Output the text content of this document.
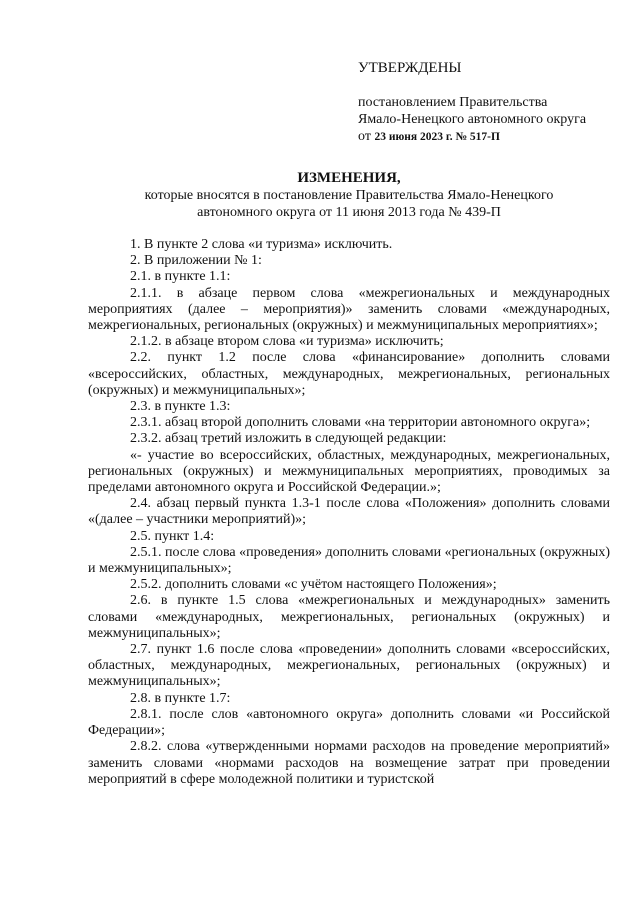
УТВЕРЖДЕНЫ
постановлением Правительства
Ямало-Ненецкого автономного округа
от 23 июня 2023 г. № 517-П
ИЗМЕНЕНИЯ,
которые вносятся в постановление Правительства Ямало-Ненецкого
автономного округа от 11 июня 2013 года № 439-П

1. В пункте 2 слова «и туризма» исключить.

2. В приложении № 1:

2.1. в пункте 1.1:

2.1.1. в абзаце первом слова «межрегиональных и международных мероприятиях (далее – мероприятия)» заменить словами «международных, межрегиональных, региональных (окружных) и межмуниципальных мероприятиях»;

2.1.2. в абзаце втором слова «и туризма» исключить;

2.2. пункт 1.2 после слова «финансирование» дополнить словами «всероссийских, областных, международных, межрегиональных, региональных (окружных) и межмуниципальных»;

2.3. в пункте 1.3:

2.3.1. абзац второй дополнить словами «на территории автономного округа»;

2.3.2. абзац третий изложить в следующей редакции:

«- участие во всероссийских, областных, международных, межрегиональных, региональных (окружных) и межмуниципальных мероприятиях, проводимых за пределами автономного округа и Российской Федерации.»;

2.4. абзац первый пункта 1.3-1 после слова «Положения» дополнить словами «(далее – участники мероприятий)»;

2.5. пункт 1.4:

2.5.1. после слова «проведения» дополнить словами «региональных (окружных) и межмуниципальных»;

2.5.2. дополнить словами «с учётом настоящего Положения»;

2.6. в пункте 1.5 слова «межрегиональных и международных» заменить словами «международных, межрегиональных, региональных (окружных) и межмуниципальных»;

2.7. пункт 1.6 после слова «проведении» дополнить словами «всероссийских, областных, международных, межрегиональных, региональных (окружных) и межмуниципальных»;

2.8. в пункте 1.7:

2.8.1. после слов «автономного округа» дополнить словами «и Российской Федерации»;

2.8.2. слова «утвержденными нормами расходов на проведение мероприятий» заменить словами «нормами расходов на возмещение затрат при проведении мероприятий в сфере молодежной политики и туристской
